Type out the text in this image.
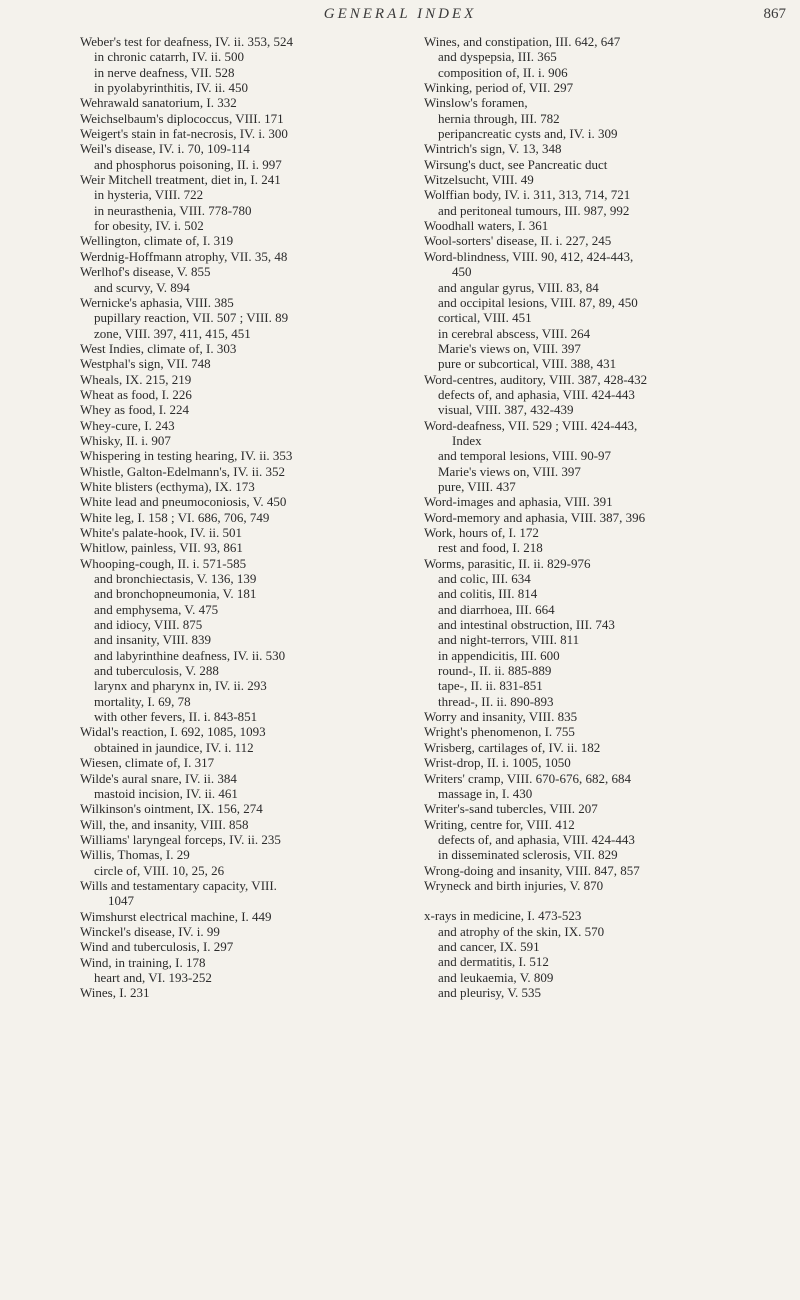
GENERAL INDEX	867
Weber's test for deafness, IV. ii. 353, 524
in chronic catarrh, IV. ii. 500
in nerve deafness, VII. 528
in pyolabyrinthitis, IV. ii. 450
Wehrawald sanatorium, I. 332
Weichselbaum's diplococcus, VIII. 171
Weigert's stain in fat-necrosis, IV. i. 300
Weil's disease, IV. i. 70, 109-114
and phosphorus poisoning, II. i. 997
Weir Mitchell treatment, diet in, I. 241
in hysteria, VIII. 722
in neurasthenia, VIII. 778-780
for obesity, IV. i. 502
Wellington, climate of, I. 319
Werdnig-Hoffmann atrophy, VII. 35, 48
Werlhof's disease, V. 855
and scurvy, V. 894
Wernicke's aphasia, VIII. 385
pupillary reaction, VII. 507 ; VIII. 89
zone, VIII. 397, 411, 415, 451
West Indies, climate of, I. 303
Westphal's sign, VII. 748
Wheals, IX. 215, 219
Wheat as food, I. 226
Whey as food, I. 224
Whey-cure, I. 243
Whisky, II. i. 907
Whispering in testing hearing, IV. ii. 353
Whistle, Galton-Edelmann's, IV. ii. 352
White blisters (ecthyma), IX. 173
White lead and pneumoconiosis, V. 450
White leg, I. 158 ; VI. 686, 706, 749
White's palate-hook, IV. ii. 501
Whitlow, painless, VII. 93, 861
Whooping-cough, II. i. 571-585
and bronchiectasis, V. 136, 139
and bronchopneumonia, V. 181
and emphysema, V. 475
and idiocy, VIII. 875
and insanity, VIII. 839
and labyrinthine deafness, IV. ii. 530
and tuberculosis, V. 288
larynx and pharynx in, IV. ii. 293
mortality, I. 69, 78
with other fevers, II. i. 843-851
Widal's reaction, I. 692, 1085, 1093
obtained in jaundice, IV. i. 112
Wiesen, climate of, I. 317
Wilde's aural snare, IV. ii. 384
mastoid incision, IV. ii. 461
Wilkinson's ointment, IX. 156, 274
Will, the, and insanity, VIII. 858
Williams' laryngeal forceps, IV. ii. 235
Willis, Thomas, I. 29
circle of, VIII. 10, 25, 26
Wills and testamentary capacity, VIII.
1047
Wimshurst electrical machine, I. 449
Winckel's disease, IV. i. 99
Wind and tuberculosis, I. 297
Wind, in training, I. 178
heart and, VI. 193-252
Wines, I. 231
Wines, and constipation, III. 642, 647
and dyspepsia, III. 365
composition of, II. i. 906
Winking, period of, VII. 297
Winslow's foramen,
hernia through, III. 782
peripancreatic cysts and, IV. i. 309
Wintrich's sign, V. 13, 348
Wirsung's duct, see Pancreatic duct
Witzelsucht, VIII. 49
Wolffian body, IV. i. 311, 313, 714, 721
and peritoneal tumours, III. 987, 992
Woodhall waters, I. 361
Wool-sorters' disease, II. i. 227, 245
Word-blindness, VIII. 90, 412, 424-443,
450
and angular gyrus, VIII. 83, 84
and occipital lesions, VIII. 87, 89, 450
cortical, VIII. 451
in cerebral abscess, VIII. 264
Marie's views on, VIII. 397
pure or subcortical, VIII. 388, 431
Word-centres, auditory, VIII. 387, 428-432
defects of, and aphasia, VIII. 424-443
visual, VIII. 387, 432-439
Word-deafness, VII. 529 ; VIII. 424-443,
Index
and temporal lesions, VIII. 90-97
Marie's views on, VIII. 397
pure, VIII. 437
Word-images and aphasia, VIII. 391
Word-memory and aphasia, VIII. 387, 396
Work, hours of, I. 172
rest and food, I. 218
Worms, parasitic, II. ii. 829-976
and colic, III. 634
and colitis, III. 814
and diarrhoea, III. 664
and intestinal obstruction, III. 743
and night-terrors, VIII. 811
in appendicitis, III. 600
round-, II. ii. 885-889
tape-, II. ii. 831-851
thread-, II. ii. 890-893
Worry and insanity, VIII. 835
Wright's phenomenon, I. 755
Wrisberg, cartilages of, IV. ii. 182
Wrist-drop, II. i. 1005, 1050
Writers' cramp, VIII. 670-676, 682, 684
massage in, I. 430
Writer's-sand tubercles, VIII. 207
Writing, centre for, VIII. 412
defects of, and aphasia, VIII. 424-443
in disseminated sclerosis, VII. 829
Wrong-doing and insanity, VIII. 847, 857
Wryneck and birth injuries, V. 870
x-rays in medicine, I. 473-523
and atrophy of the skin, IX. 570
and cancer, IX. 591
and dermatitis, I. 512
and leukaemia, V. 809
and pleurisy, V. 535
